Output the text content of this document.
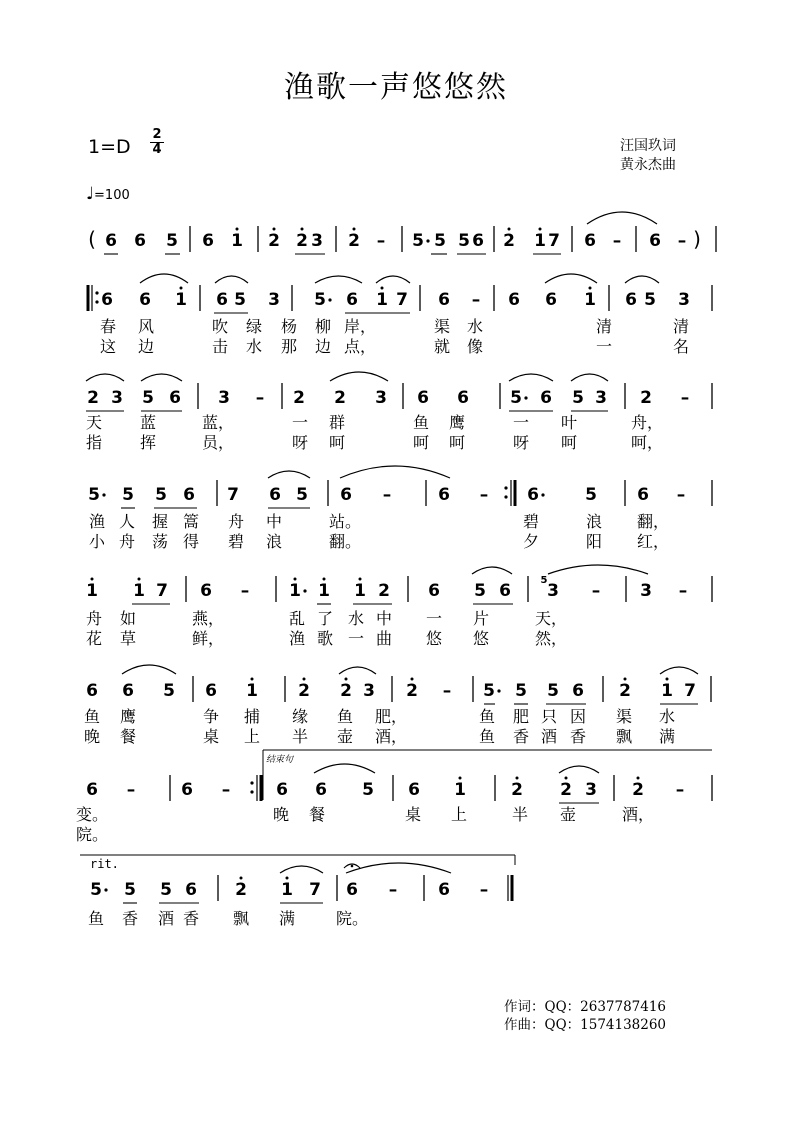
渔歌一声悠悠然
1=D
2
4	汪国玖词
黄永杰曲
♩=100
作词：QQ：2637787416
作曲：QQ：1574138260
结束句
rit.
( 6 6 5 6 1 2 2 3 2 – 5 5 5 6 2 1 7 6 – 6 – )
6 6 1 6 5 3 5 6 1 7 6 – 6 6 1 6 5 3
2 3 5 6 3 – 2 2 3 6 6 5 6 5 3 2 –
5 5 5 6 7 6 5 6 –	6 – 6	5 6 –
1 1 7 6 – 1 1 1 2 6 5 6 3 – 3 –
6 6 5 6 1 2 2 3 2 – 5 5 5 6 2 1 7
6 –	6 –	6 6 5 6 1	2 2 3 2 –
5 5 5 6 2 1 7 6 – 6 –
5
春 风	吹 绿 杨 柳 岸，	渠 水	清	清
这 边	击 水 那 边 点，	就 像	一	名
天 蓝	蓝，	一 群	鱼 鹰	一 叶	舟，
指 挥	员，	呀 呵	呵 呵	呀 呵	呵，
渔 人 握 篙 舟 中	站。	碧	浪 翻，
小 舟 荡 得 碧 浪	翻。	夕	阳 红，
舟 如	燕，	乱 了 水 中 一 片	天，
花 草	鲜，	渔 歌 一 曲 悠 悠	然，
鱼 鹰	争 捕 缘 鱼 肥，	鱼 肥 只 因 渠 水
晚 餐	桌 上 半 壶 酒，	鱼 香 酒 香 飘 满
变。	晚 餐	桌 上	半 壶	酒，
院。
鱼 香 酒 香 飘 满	院。
